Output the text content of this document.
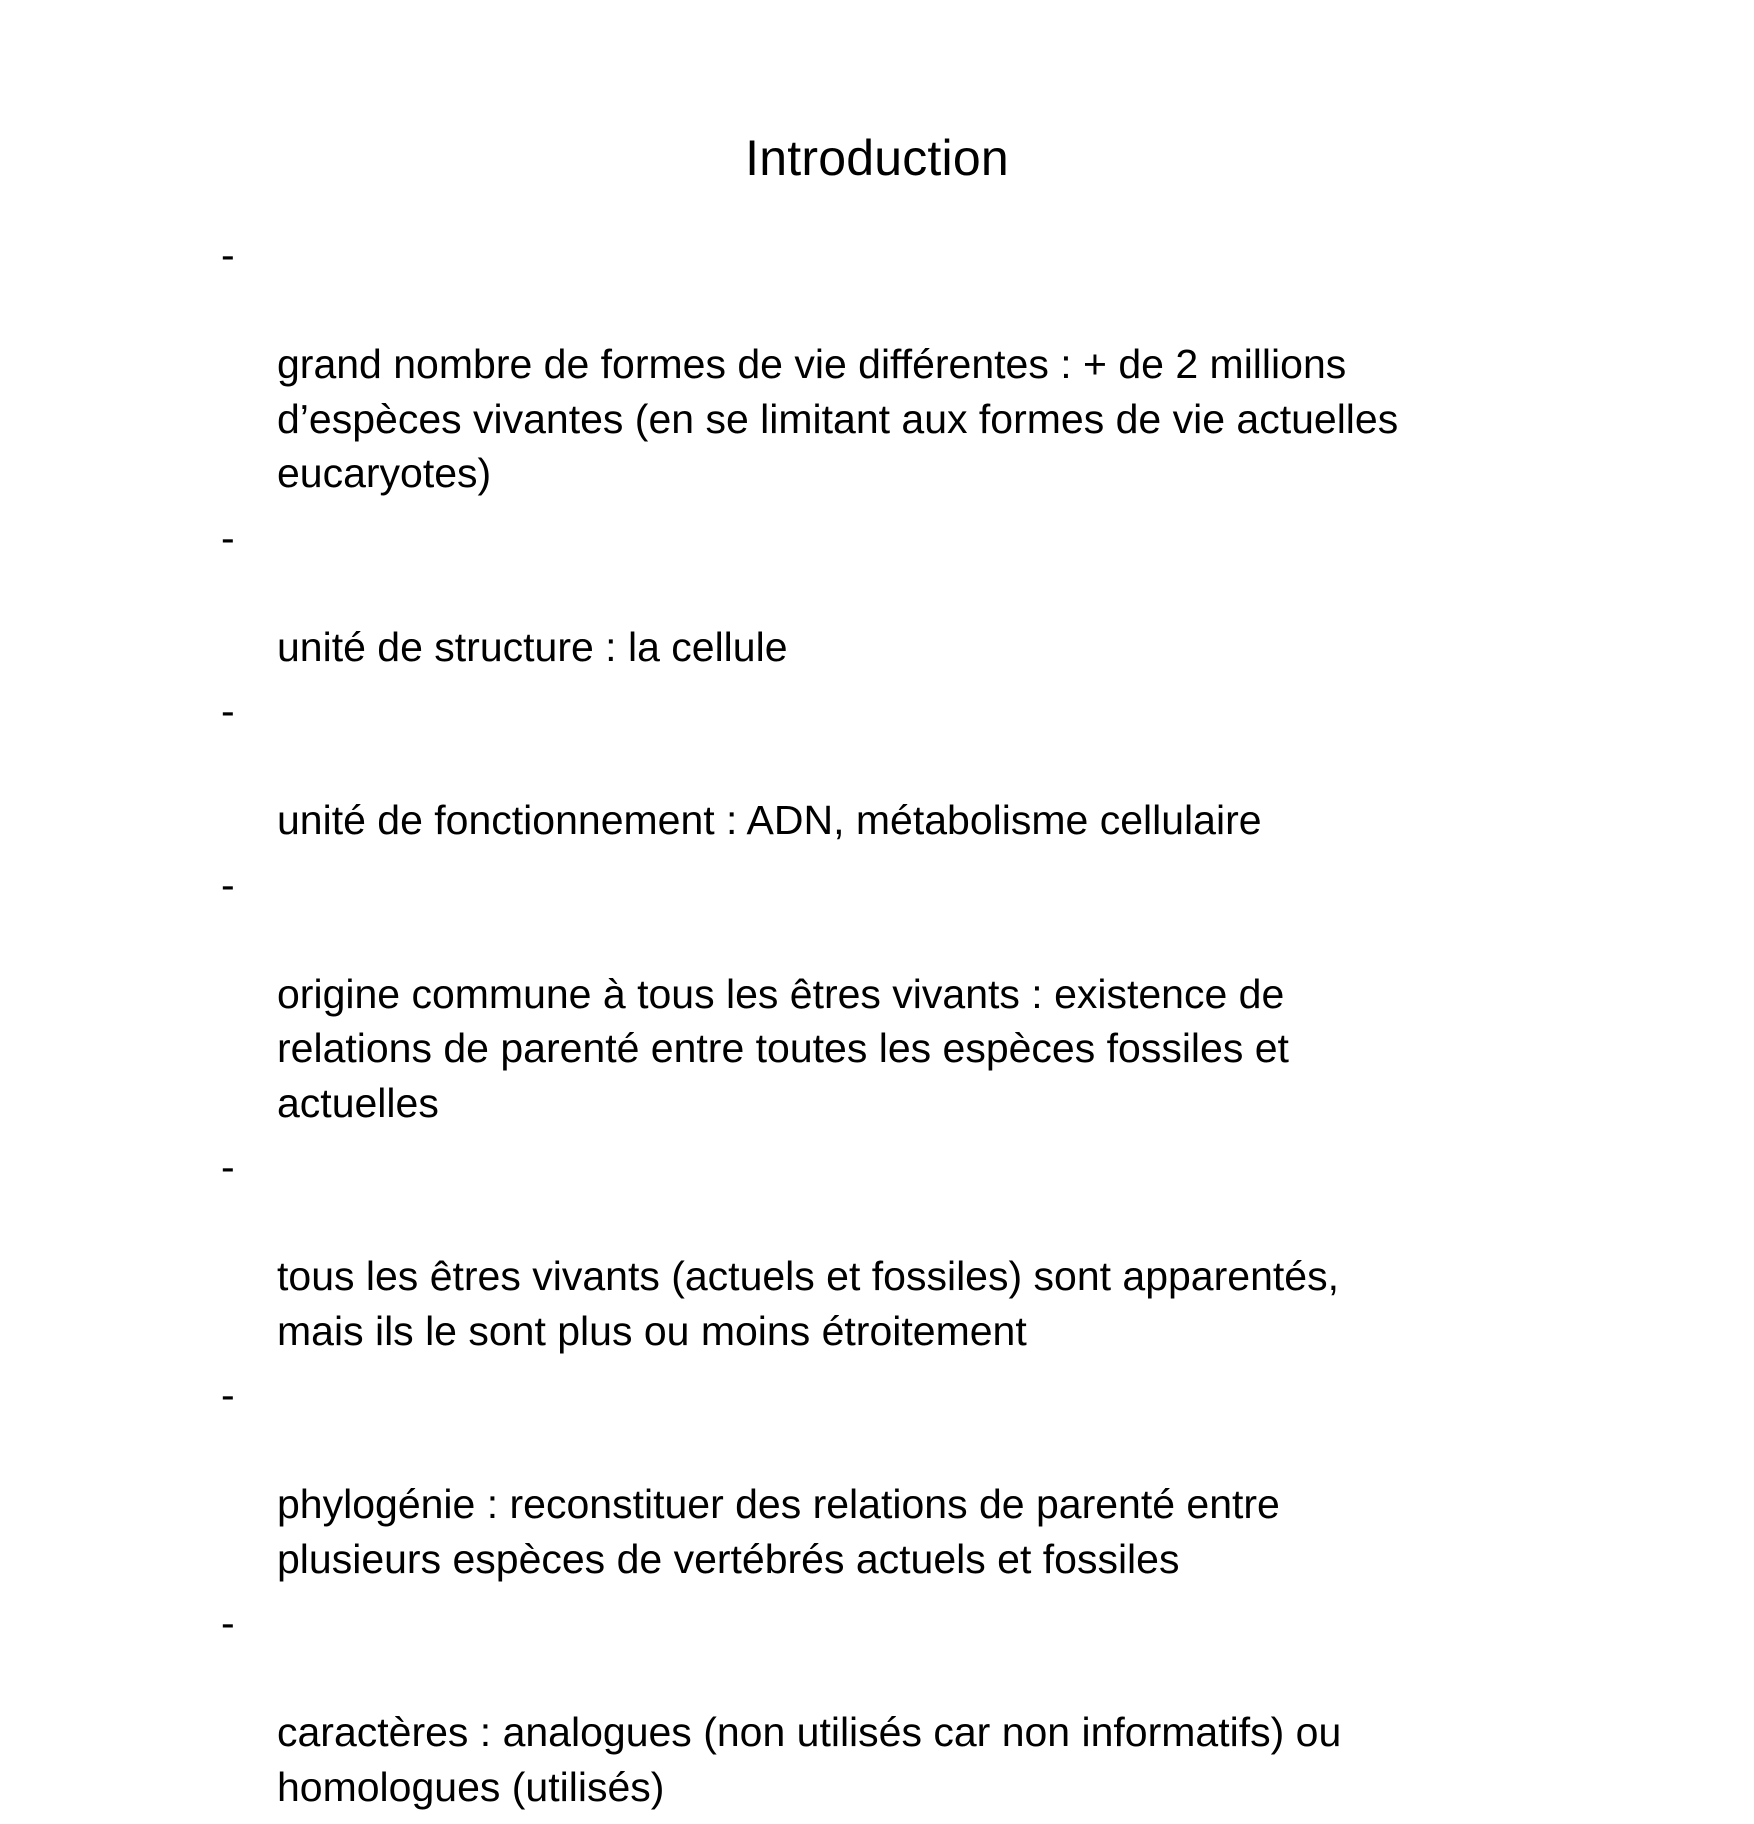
Introduction

-

grand nombre de formes de vie différentes : + de 2 millions
d’espèces vivantes (en se limitant aux formes de vie actuelles
eucaryotes)

-

unité de structure : la cellule

-

unité de fonctionnement : ADN, métabolisme cellulaire

-

origine commune à tous les êtres vivants : existence de
relations de parenté entre toutes les espèces fossiles et
actuelles

-

tous les êtres vivants (actuels et fossiles) sont apparentés,
mais ils le sont plus ou moins étroitement

-

phylogénie : reconstituer des relations de parenté entre
plusieurs espèces de vertébrés actuels et fossiles

-

caractères : analogues (non utilisés car non informatifs) ou
homologues (utilisés)
